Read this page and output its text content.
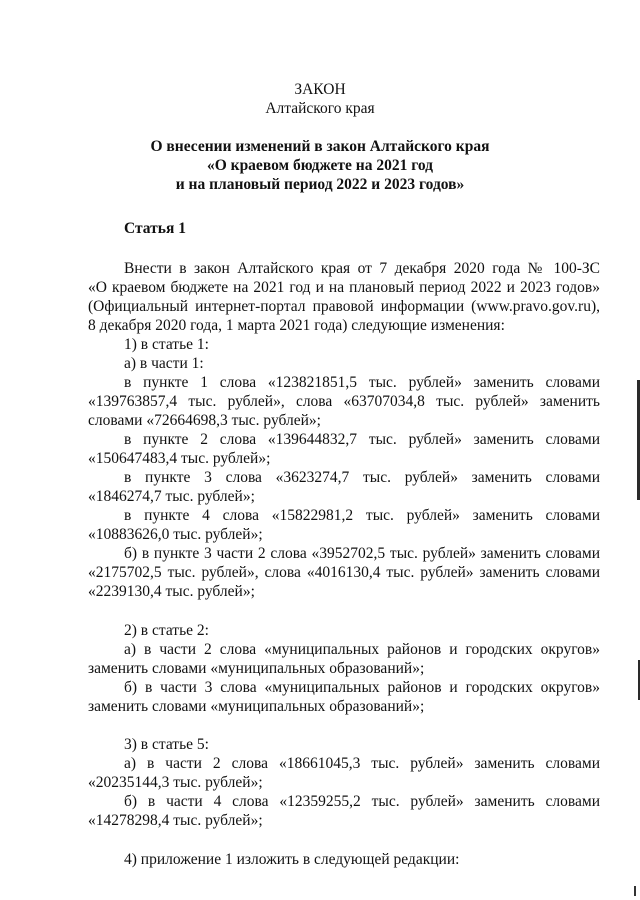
ЗАКОН
Алтайского края
О внесении изменений в закон Алтайского края
«О краевом бюджете на 2021 год
и на плановый период 2022 и 2023 годов»
Статья 1
Внести в закон Алтайского края от 7 декабря 2020 года № 100-ЗС
«О краевом бюджете на 2021 год и на плановый период 2022 и 2023 годов»
(Официальный интернет-портал правовой информации (www.pravo.gov.ru),
8 декабря 2020 года, 1 марта 2021 года) следующие изменения:
1) в статье 1:
а) в части 1:
в пункте 1 слова «123821851,5 тыс. рублей» заменить словами
«139763857,4 тыс. рублей», слова «63707034,8 тыс. рублей» заменить
словами «72664698,3 тыс. рублей»;
в пункте 2 слова «139644832,7 тыс. рублей» заменить словами
«150647483,4 тыс. рублей»;
в пункте 3 слова «3623274,7 тыс. рублей» заменить словами
«1846274,7 тыс. рублей»;
в пункте 4 слова «15822981,2 тыс. рублей» заменить словами
«10883626,0 тыс. рублей»;
б) в пункте 3 части 2 слова «3952702,5 тыс. рублей» заменить словами
«2175702,5 тыс. рублей», слова «4016130,4 тыс. рублей» заменить словами
«2239130,4 тыс. рублей»;
2) в статье 2:
а) в части 2 слова «муниципальных районов и городских округов»
заменить словами «муниципальных образований»;
б) в части 3 слова «муниципальных районов и городских округов»
заменить словами «муниципальных образований»;
3) в статье 5:
а) в части 2 слова «18661045,3 тыс. рублей» заменить словами
«20235144,3 тыс. рублей»;
б) в части 4 слова «12359255,2 тыс. рублей» заменить словами
«14278298,4 тыс. рублей»;
4) приложение 1 изложить в следующей редакции:
